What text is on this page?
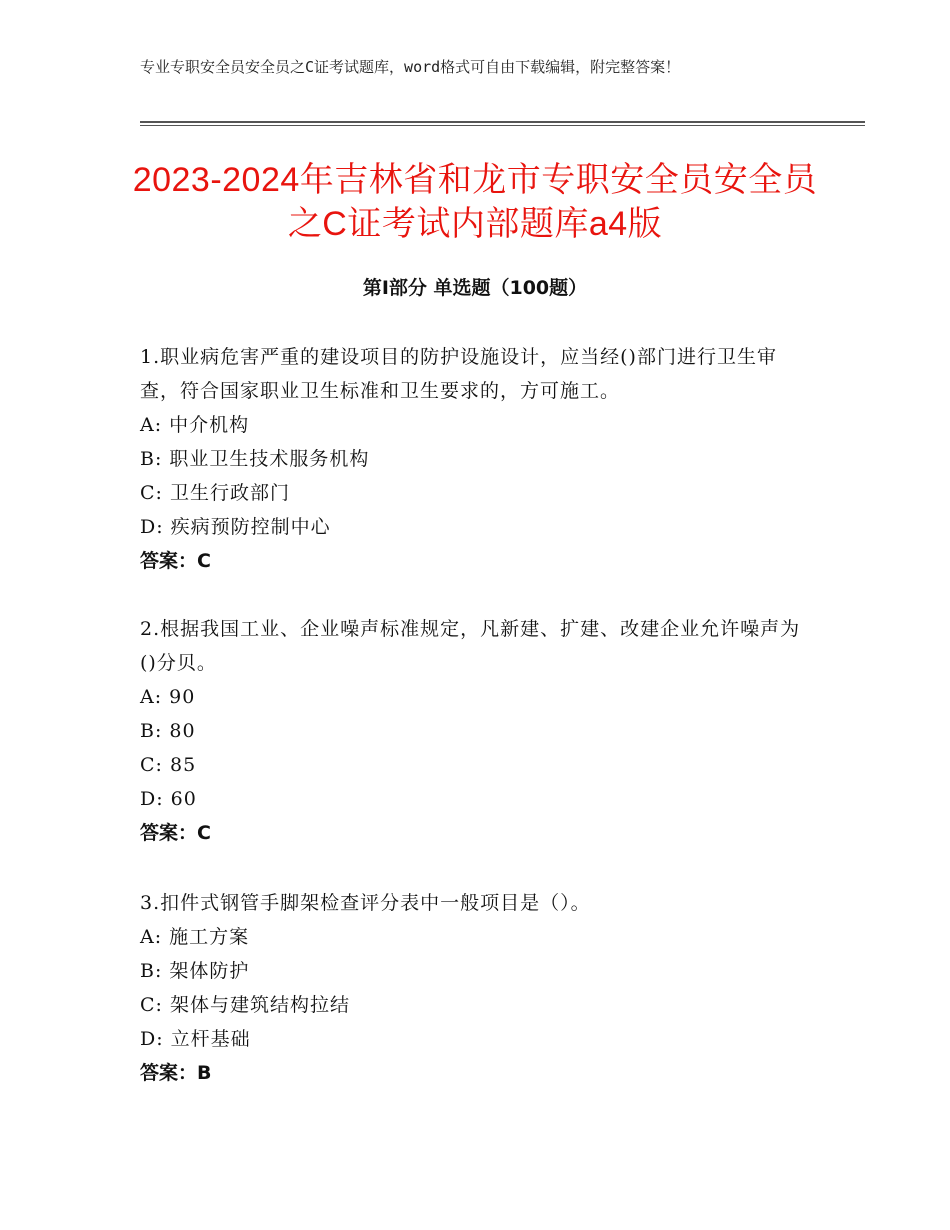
专业专职安全员安全员之C证考试题库，word格式可自由下载编辑，附完整答案！
2023-2024年吉林省和龙市专职安全员安全员之C证考试内部题库a4版
第I部分 单选题（100题）

1.职业病危害严重的建设项目的防护设施设计，应当经()部门进行卫生审查，符合国家职业卫生标准和卫生要求的，方可施工。

A: 中介机构
B: 职业卫生技术服务机构
C: 卫生行政部门
D: 疾病预防控制中心
答案：C

2.根据我国工业、企业噪声标准规定，凡新建、扩建、改建企业允许噪声为()分贝。

A: 90
B: 80
C: 85
D: 60
答案：C

3.扣件式钢管手脚架检查评分表中一般项目是（）。

A: 施工方案
B: 架体防护
C: 架体与建筑结构拉结
D: 立杆基础
答案：B
